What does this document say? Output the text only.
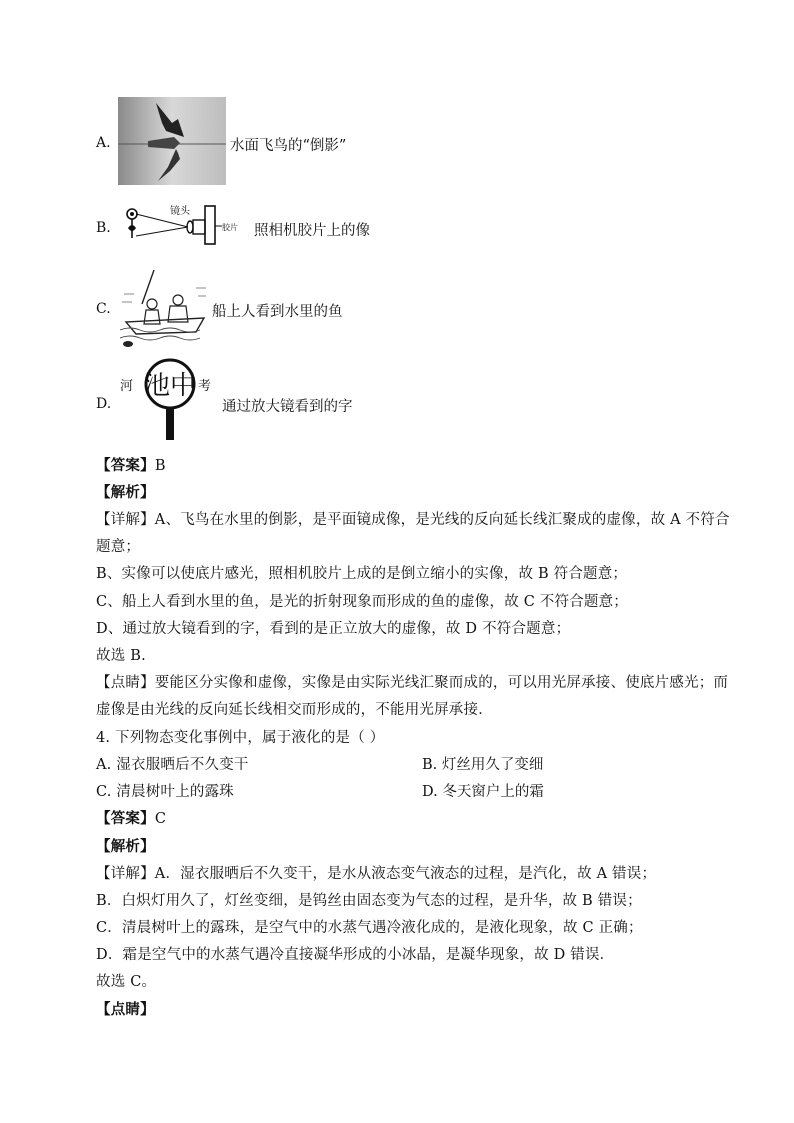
A.	水面飞鸟的“倒影”
B.
镜头
胶片 照相机胶片上的像
C.	船上人看到水里的鱼
D.
河 池中 考
通过放大镜看到的字
【答案】B
【解析】
【详解】A、飞鸟在水里的倒影，是平面镜成像，是光线的反向延长线汇聚成的虚像，故 A 不符合
题意；
B、实像可以使底片感光，照相机胶片上成的是倒立缩小的实像，故 B 符合题意；
C、船上人看到水里的鱼，是光的折射现象而形成的鱼的虚像，故 C 不符合题意；
D、通过放大镜看到的字，看到的是正立放大的虚像，故 D 不符合题意；
故选 B.
【点睛】要能区分实像和虚像，实像是由实际光线汇聚而成的，可以用光屏承接、使底片感光；而
虚像是由光线的反向延长线相交而形成的，不能用光屏承接．
4. 下列物态变化事例中，属于液化的是（ ）
A. 湿衣服晒后不久变干	B. 灯丝用久了变细
C. 清晨树叶上的露珠	D. 冬天窗户上的霜
【答案】C
【解析】
【详解】A．湿衣服晒后不久变干，是水从液态变气液态的过程，是汽化，故 A 错误；
B．白炽灯用久了，灯丝变细，是钨丝由固态变为气态的过程，是升华，故 B 错误；
C．清晨树叶上的露珠，是空气中的水蒸气遇冷液化成的，是液化现象，故 C 正确；
D．霜是空气中的水蒸气遇冷直接凝华形成的小冰晶，是凝华现象，故 D 错误．
故选 C。
【点睛】
